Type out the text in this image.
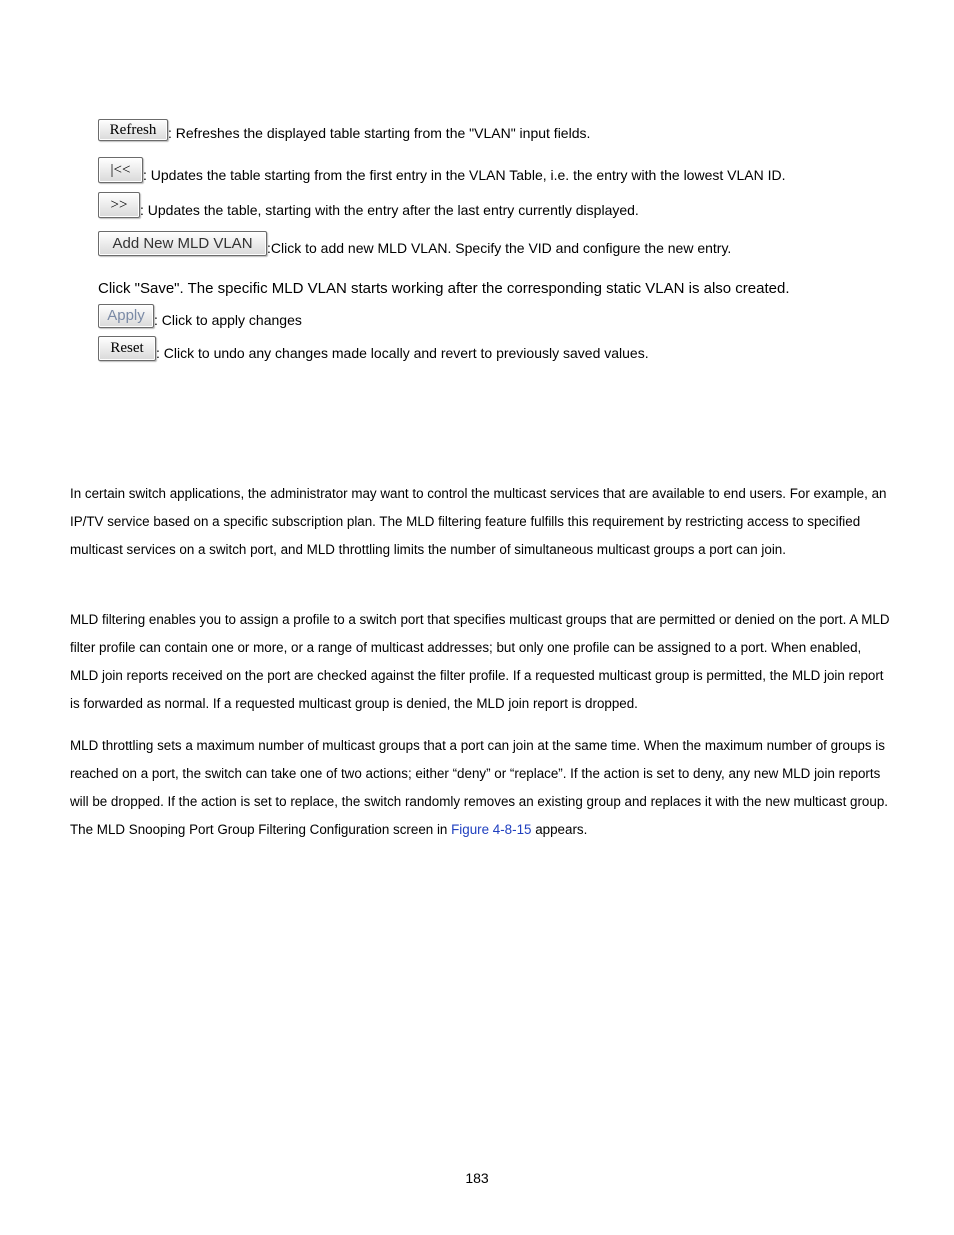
Refresh : Refreshes the displayed table starting from the "VLAN" input fields.
|<< : Updates the table starting from the first entry in the VLAN Table, i.e. the entry with the lowest VLAN ID.
>> : Updates the table, starting with the entry after the last entry currently displayed.
Add New MLD VLAN :Click to add new MLD VLAN. Specify the VID and configure the new entry.
Click "Save". The specific MLD VLAN starts working after the corresponding static VLAN is also created.
Apply : Click to apply changes
Reset : Click to undo any changes made locally and revert to previously saved values.

In certain switch applications, the administrator may want to control the multicast services that are available to end users. For example, an IP/TV service based on a specific subscription plan. The MLD filtering feature fulfills this requirement by restricting access to specified multicast services on a switch port, and MLD throttling limits the number of simultaneous multicast groups a port can join.

MLD filtering enables you to assign a profile to a switch port that specifies multicast groups that are permitted or denied on the port. A MLD filter profile can contain one or more, or a range of multicast addresses; but only one profile can be assigned to a port. When enabled, MLD join reports received on the port are checked against the filter profile. If a requested multicast group is permitted, the MLD join report is forwarded as normal. If a requested multicast group is denied, the MLD join report is dropped.

MLD throttling sets a maximum number of multicast groups that a port can join at the same time. When the maximum number of groups is reached on a port, the switch can take one of two actions; either “deny” or “replace”. If the action is set to deny, any new MLD join reports will be dropped. If the action is set to replace, the switch randomly removes an existing group and replaces it with the new multicast group. The MLD Snooping Port Group Filtering Configuration screen in Figure 4-8-15 appears.

183
